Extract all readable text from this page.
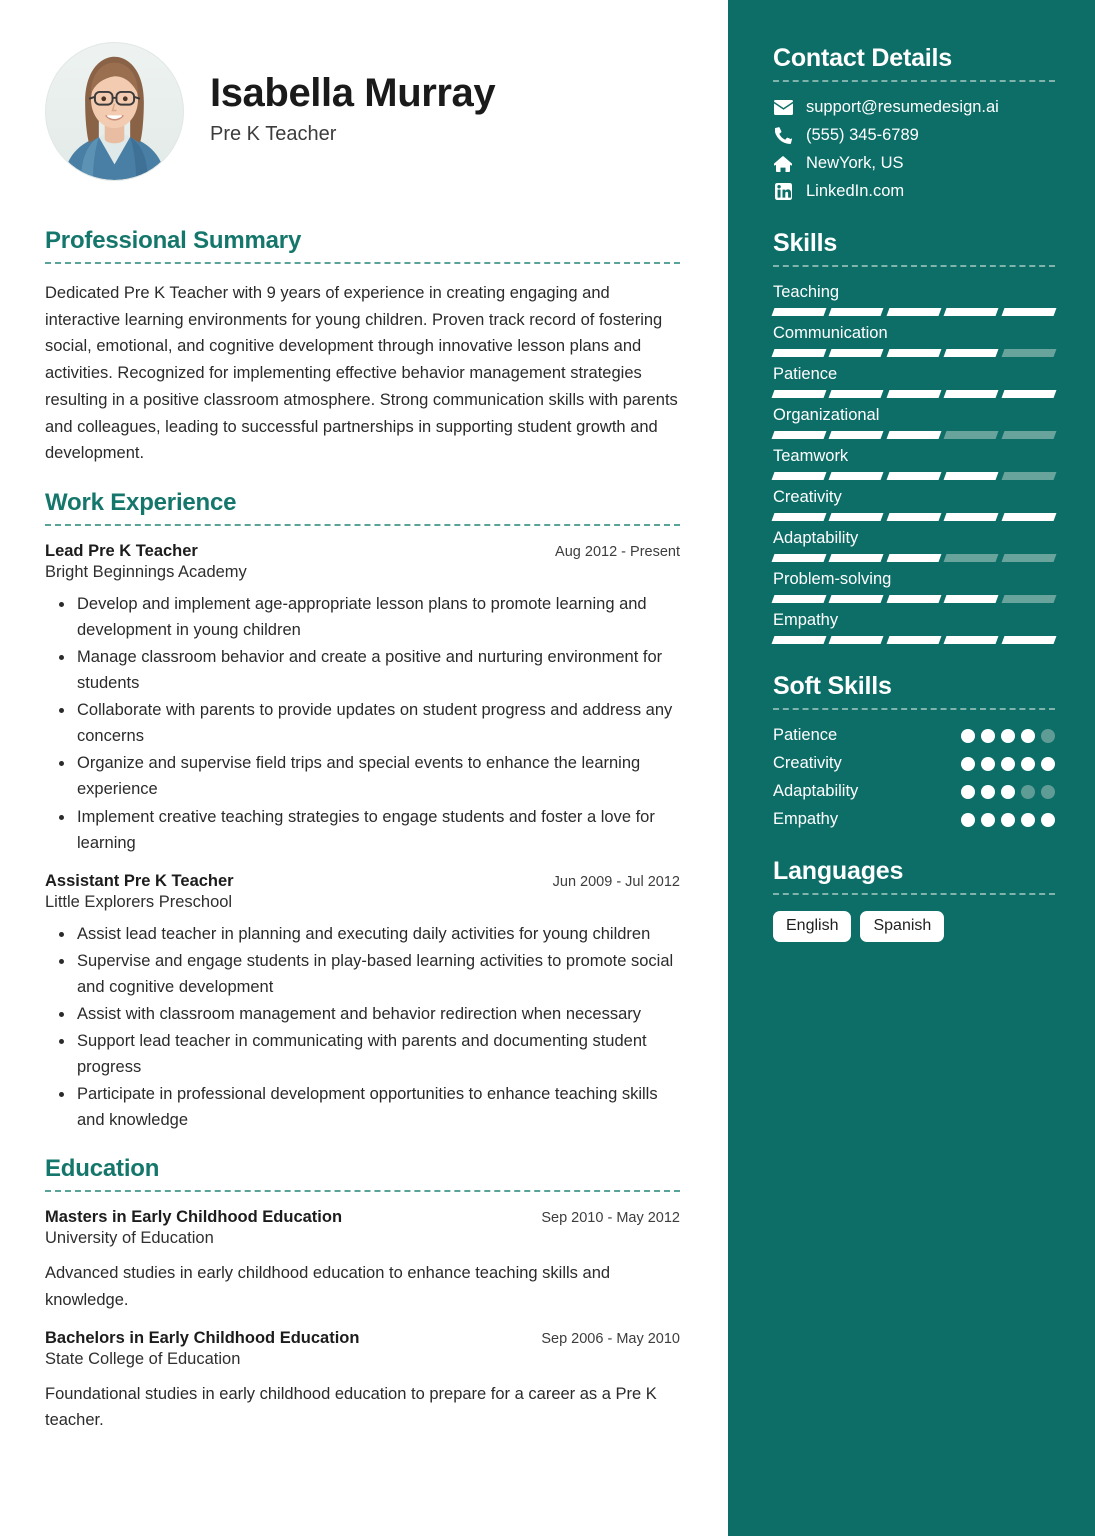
Isabella Murray
Pre K Teacher
Professional Summary

Dedicated Pre K Teacher with 9 years of experience in creating engaging and interactive learning environments for young children. Proven track record of fostering social, emotional, and cognitive development through innovative lesson plans and activities. Recognized for implementing effective behavior management strategies resulting in a positive classroom atmosphere. Strong communication skills with parents and colleagues, leading to successful partnerships in supporting student growth and development.

Work Experience
Lead Pre K Teacher	Aug 2012 - Present
Bright Beginnings Academy
Develop and implement age-appropriate lesson plans to promote learning and development in young children
Manage classroom behavior and create a positive and nurturing environment for students
Collaborate with parents to provide updates on student progress and address any concerns
Organize and supervise field trips and special events to enhance the learning experience
Implement creative teaching strategies to engage students and foster a love for learning
Assistant Pre K Teacher	Jun 2009 - Jul 2012
Little Explorers Preschool
Assist lead teacher in planning and executing daily activities for young children
Supervise and engage students in play-based learning activities to promote social and cognitive development
Assist with classroom management and behavior redirection when necessary
Support lead teacher in communicating with parents and documenting student progress
Participate in professional development opportunities to enhance teaching skills and knowledge
Education
Masters in Early Childhood Education	Sep 2010 - May 2012
University of Education
Advanced studies in early childhood education to enhance teaching skills and knowledge.
Bachelors in Early Childhood Education	Sep 2006 - May 2010
State College of Education
Foundational studies in early childhood education to prepare for a career as a Pre K teacher.
Contact Details
support@resumedesign.ai
(555) 345-6789
NewYork, US
LinkedIn.com
Skills
Teaching
Communication
Patience
Organizational
Teamwork
Creativity
Adaptability
Problem-solving
Empathy
Soft Skills
Patience
Creativity
Adaptability
Empathy
Languages
English	Spanish
